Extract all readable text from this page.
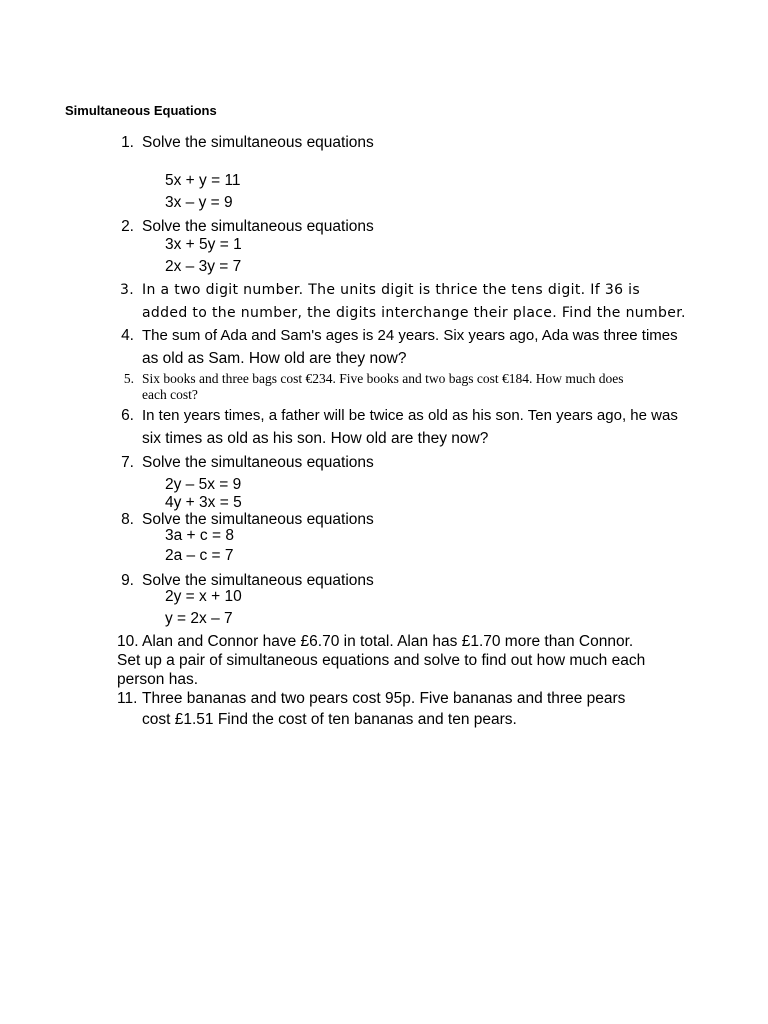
Simultaneous Equations
1. Solve the simultaneous equations
5x + y = 11
3x – y = 9
2. Solve the simultaneous equations
3x + 5y = 1
2x – 3y = 7
3. In a two digit number. The units digit is thrice the tens digit. If 36 is
added to the number, the digits interchange their place. Find the number.
4. The sum of Ada and Sam's ages is 24 years. Six years ago, Ada was three times
as old as Sam. How old are they now?
5. Six books and three bags cost €234. Five books and two bags cost €184. How much does
each cost?
6. In ten years times, a father will be twice as old as his son. Ten years ago, he was
six times as old as his son. How old are they now?
7. Solve the simultaneous equations
2y – 5x = 9
4y + 3x = 5
8. Solve the simultaneous equations
3a + c = 8
2a – c = 7
9. Solve the simultaneous equations
2y = x + 10
y = 2x – 7
10. Alan and Connor have £6.70 in total. Alan has £1.70 more than Connor.
Set up a pair of simultaneous equations and solve to find out how much each
person has.
11. Three bananas and two pears cost 95p. Five bananas and three pears
cost £1.51 Find the cost of ten bananas and ten pears.
